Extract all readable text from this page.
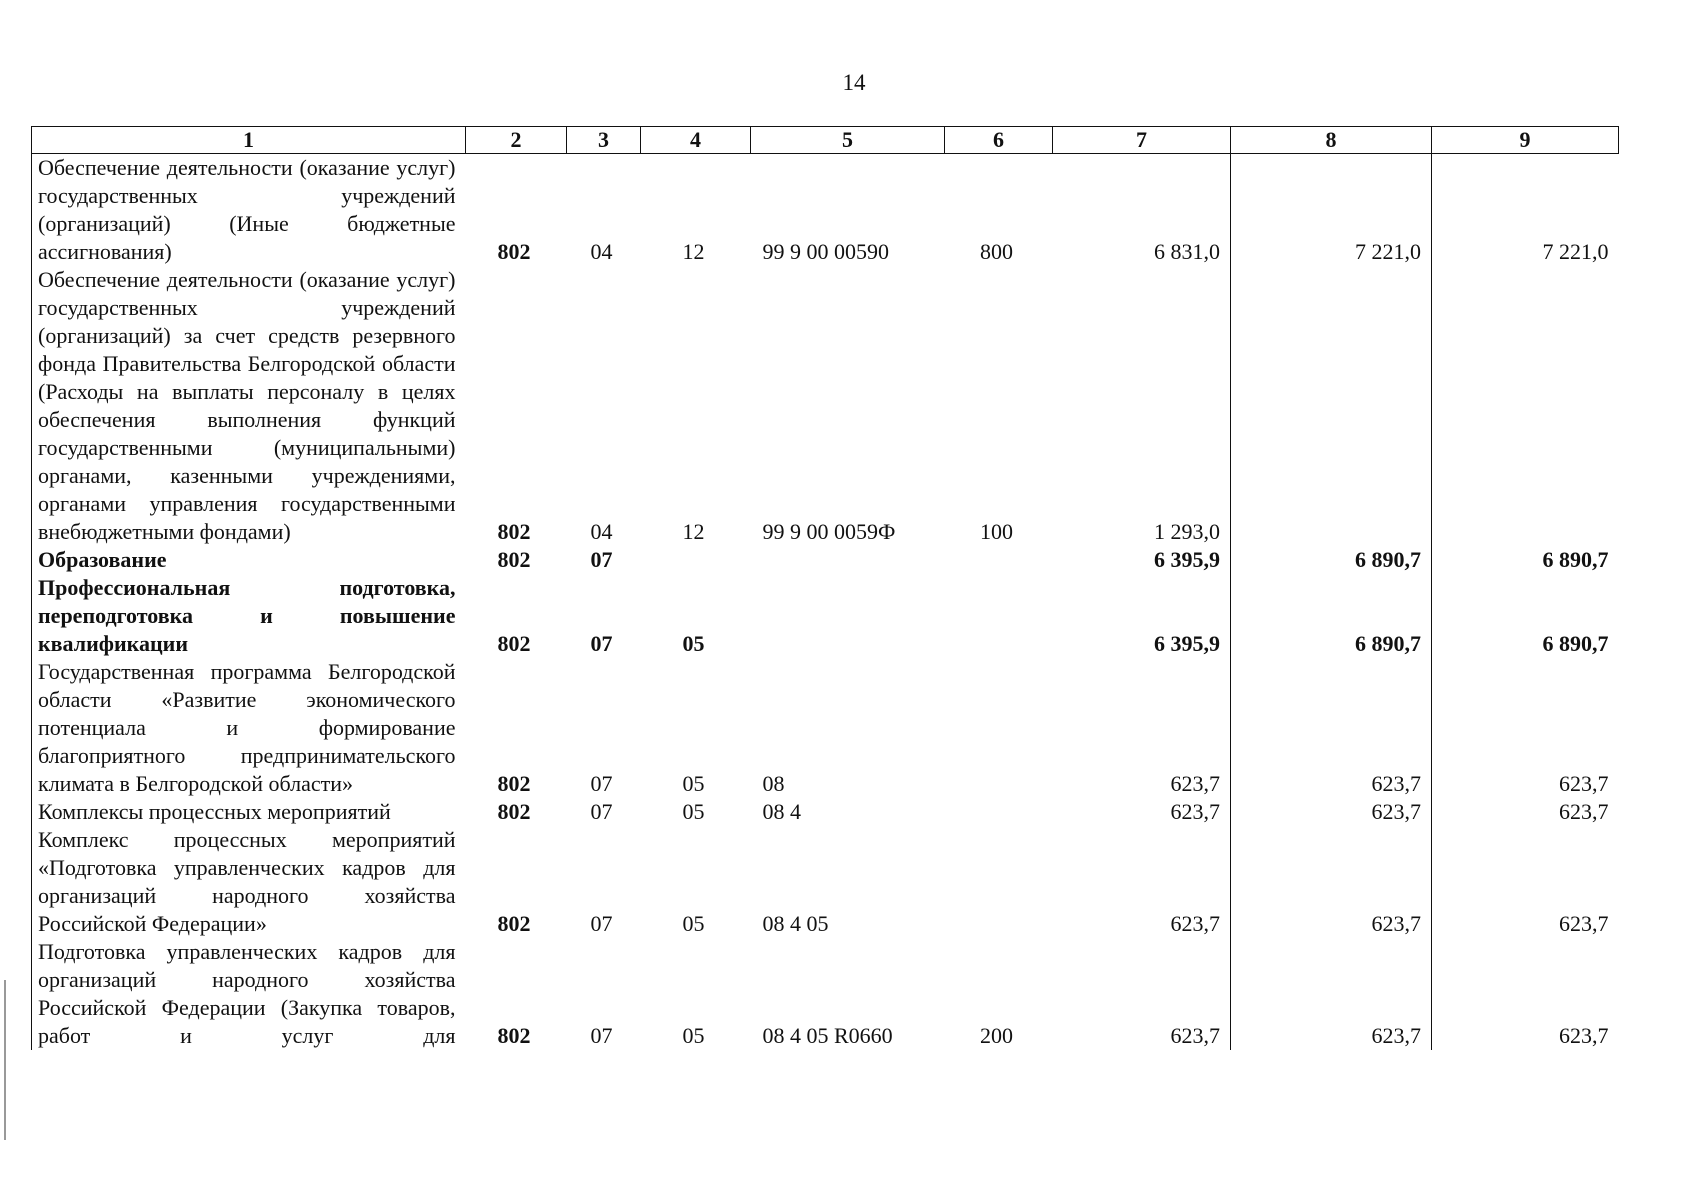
14
1	2	3	4	5	6	7	8	9
Обеспечение деятельности (оказание услуг) государственных учреждений (организаций) (Иные бюджетные ассигнования)	802	04	12	99 9 00 00590	800	6 831,0	7 221,0	7 221,0
Обеспечение деятельности (оказание услуг) государственных учреждений (организаций) за счет средств резервного фонда Правительства Белгородской области (Расходы на выплаты персоналу в целях обеспечения выполнения функций государственными (муниципальными) органами, казенными учреждениями, органами управления государственными внебюджетными фондами)	802	04	12	99 9 00 0059Ф	100	1 293,0		
Образование	802	07				6 395,9	6 890,7	6 890,7
Профессиональная подготовка, переподготовка и повышение квалификации	802	07	05			6 395,9	6 890,7	6 890,7
Государственная программа Белгородской области «Развитие экономического потенциала и формирование благоприятного предпринимательского климата в Белгородской области»	802	07	05	08		623,7	623,7	623,7
Комплексы процессных мероприятий	802	07	05	08 4		623,7	623,7	623,7
Комплекс процессных мероприятий «Подготовка управленческих кадров для организаций народного хозяйства Российской Федерации»	802	07	05	08 4 05		623,7	623,7	623,7
Подготовка управленческих кадров для организаций народного хозяйства Российской Федерации (Закупка товаров, работ и услуг для	802	07	05	08 4 05 R0660	200	623,7	623,7	623,7
